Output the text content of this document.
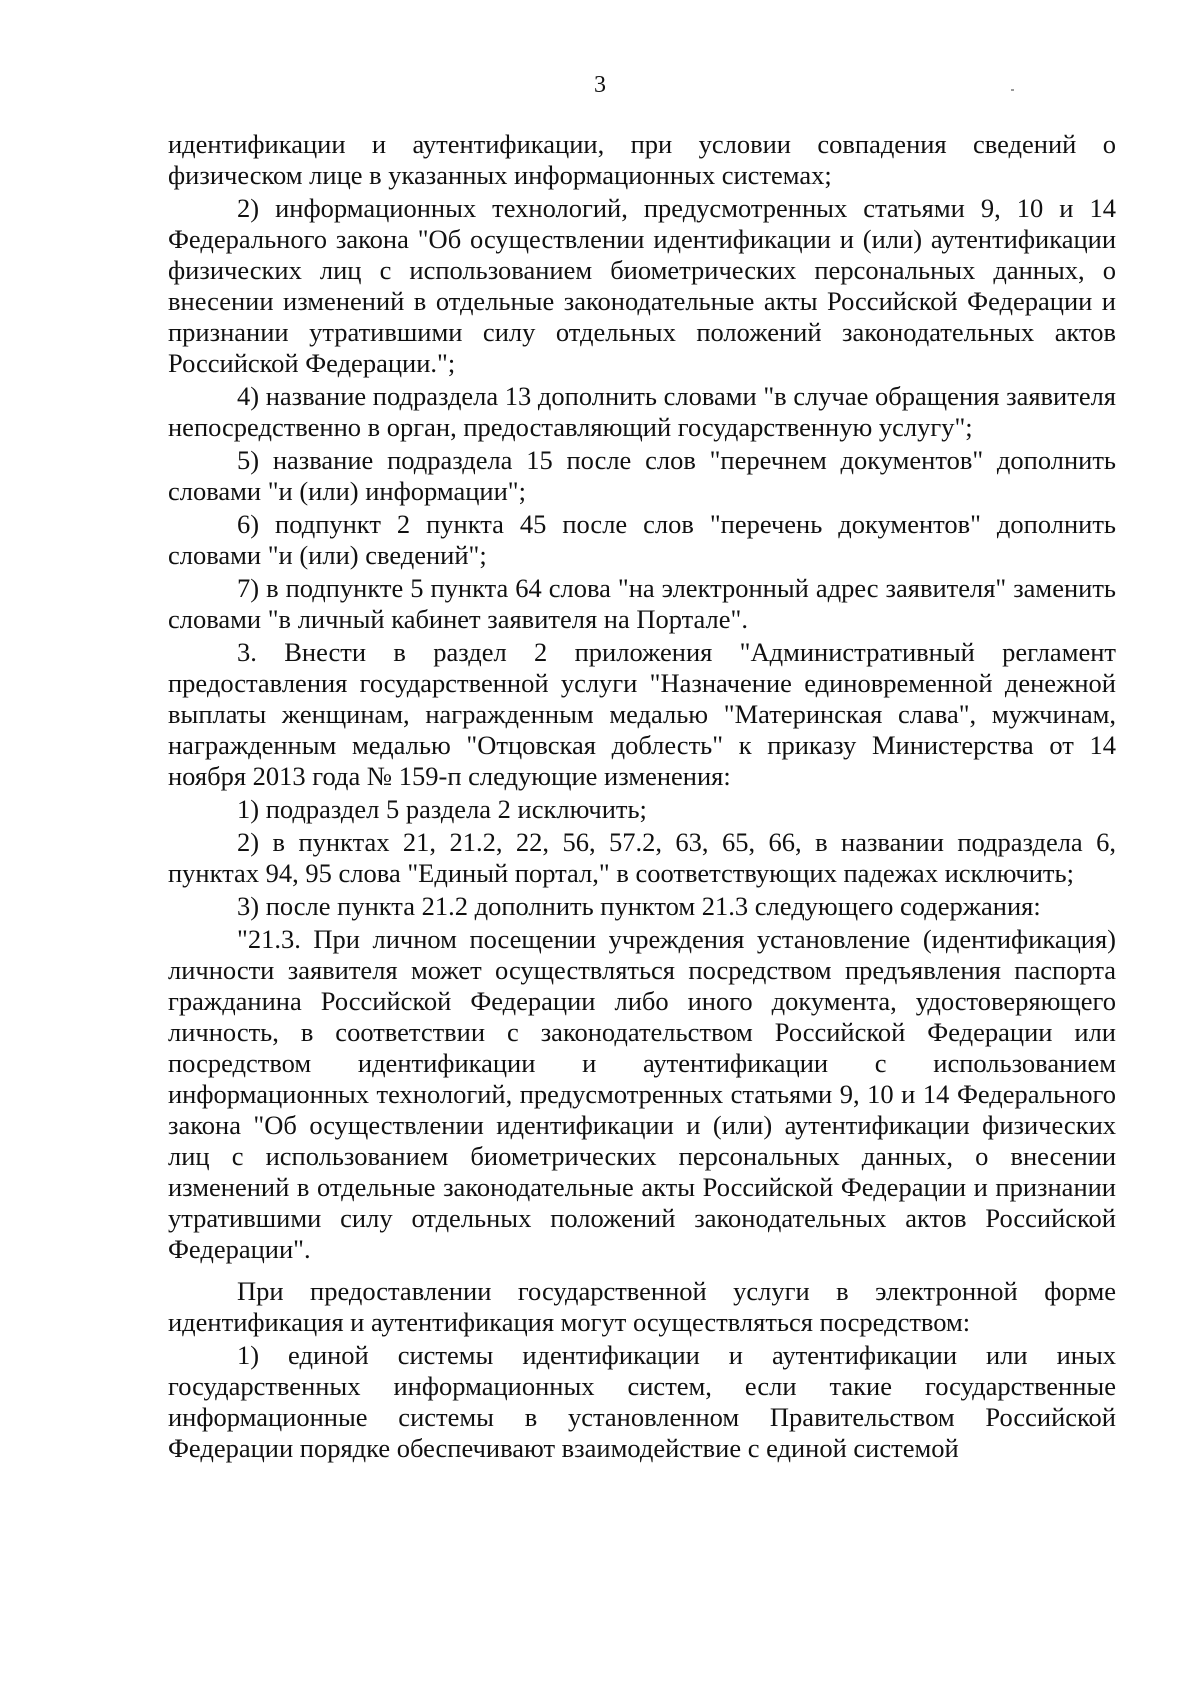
3

идентификации и аутентификации, при условии совпадения сведений о физическом лице в указанных информационных системах;

2) информационных технологий, предусмотренных статьями 9, 10 и 14 Федерального закона "Об осуществлении идентификации и (или) аутентификации физических лиц с использованием биометрических персональных данных, о внесении изменений в отдельные законодательные акты Российской Федерации и признании утратившими силу отдельных положений законодательных актов Российской Федерации.";

4) название подраздела 13 дополнить словами "в случае обращения заявителя непосредственно в орган, предоставляющий государственную услугу";

5) название подраздела 15 после слов "перечнем документов" дополнить словами "и (или) информации";

6) подпункт 2 пункта 45 после слов "перечень документов" дополнить словами "и (или) сведений";

7) в подпункте 5 пункта 64 слова "на электронный адрес заявителя" заменить словами "в личный кабинет заявителя на Портале".

3. Внести в раздел 2 приложения "Административный регламент предоставления государственной услуги "Назначение единовременной денежной выплаты женщинам, награжденным медалью "Материнская слава", мужчинам, награжденным медалью "Отцовская доблесть" к приказу Министерства от 14 ноября 2013 года № 159-п следующие изменения:

1) подраздел 5 раздела 2 исключить;

2) в пунктах 21, 21.2, 22, 56, 57.2, 63, 65, 66, в названии подраздела 6, пунктах 94, 95 слова "Единый портал," в соответствующих падежах исключить;

3) после пункта 21.2 дополнить пунктом 21.3 следующего содержания:

"21.3. При личном посещении учреждения установление (идентификация) личности заявителя может осуществляться посредством предъявления паспорта гражданина Российской Федерации либо иного документа, удостоверяющего личность, в соответствии с законодательством Российской Федерации или посредством идентификации и аутентификации с использованием информационных технологий, предусмотренных статьями 9, 10 и 14 Федерального закона "Об осуществлении идентификации и (или) аутентификации физических лиц с использованием биометрических персональных данных, о внесении изменений в отдельные законодательные акты Российской Федерации и признании утратившими силу отдельных положений законодательных актов Российской Федерации".

При предоставлении государственной услуги в электронной форме идентификация и аутентификация могут осуществляться посредством:

1) единой системы идентификации и аутентификации или иных государственных информационных систем, если такие государственные информационные системы в установленном Правительством Российской Федерации порядке обеспечивают взаимодействие с единой системой
